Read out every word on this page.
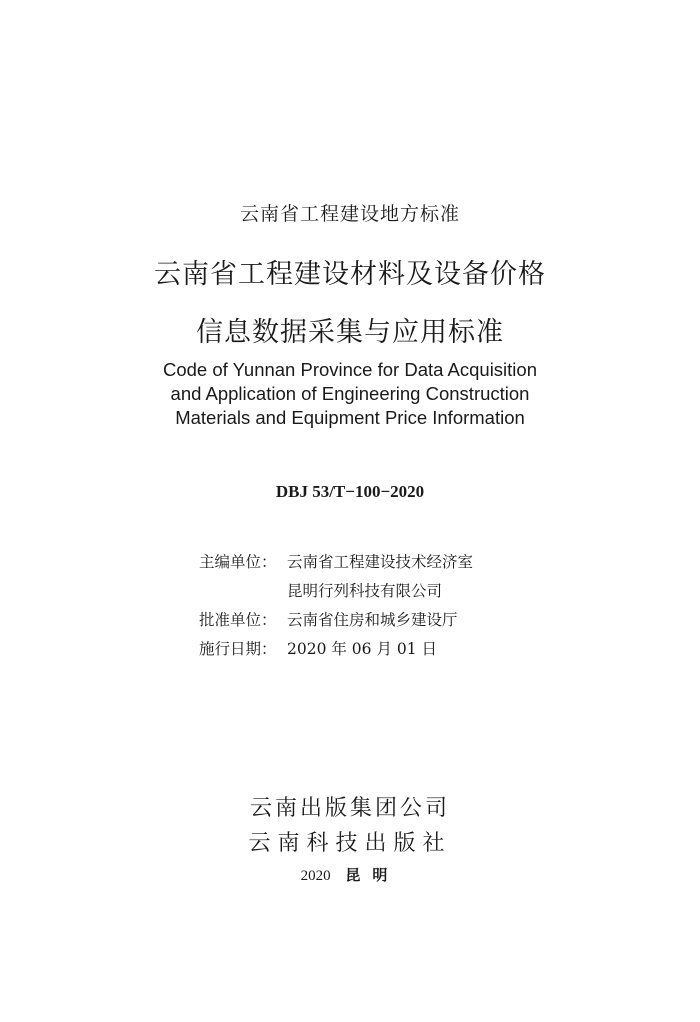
云南省工程建设地方标准
云南省工程建设材料及设备价格
信息数据采集与应用标准
Code of Yunnan Province for Data Acquisition
and Application of Engineering Construction
Materials and Equipment Price Information
DBJ 53/T−100−2020
主编单位： 云南省工程建设技术经济室
昆明行列科技有限公司
批准单位： 云南省住房和城乡建设厅
施行日期： 2020 年 06 月 01 日
云南出版集团公司
云南科技出版社
2020 昆明
